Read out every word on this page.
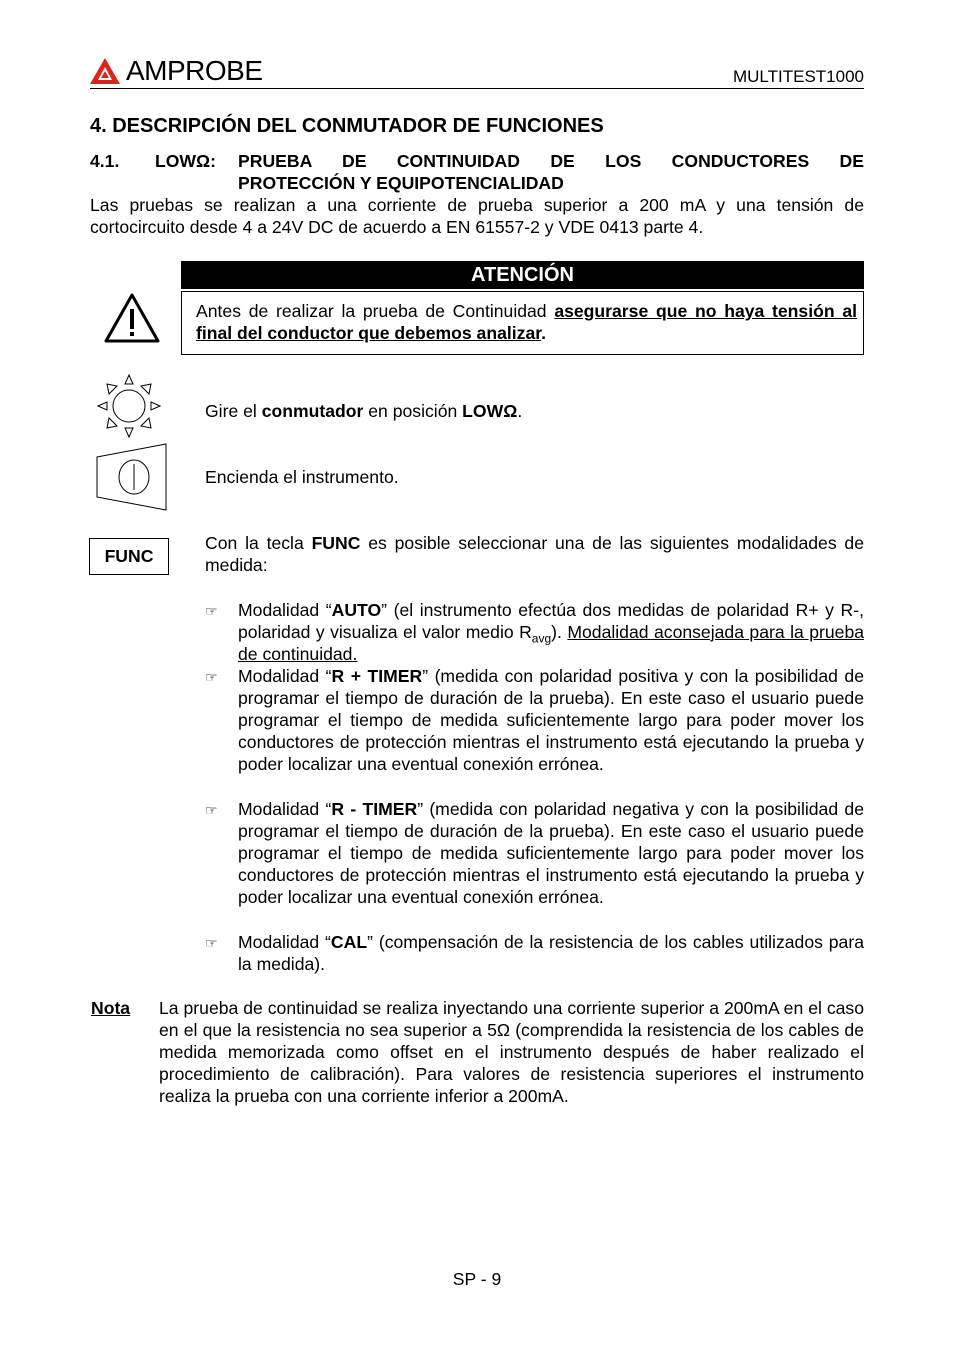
AMPROBE	MULTITEST1000
4. DESCRIPCIÓN DEL CONMUTADOR DE FUNCIONES
4.1. LOWΩ: PRUEBA DE CONTINUIDAD DE LOS CONDUCTORES DE
PROTECCIÓN Y EQUIPOTENCIALIDAD
Las pruebas se realizan a una corriente de prueba superior a 200 mA y una tensión de cortocircuito desde 4 a 24V DC de acuerdo a EN 61557-2 y VDE 0413 parte 4.
ATENCIÓN
Antes de realizar la prueba de Continuidad asegurarse que no haya tensión al final del conductor que debemos analizar.
Gire el conmutador en posición LOWΩ.
Encienda el instrumento.
FUNC
Con la tecla FUNC es posible seleccionar una de las siguientes modalidades de medida:
☞ Modalidad “AUTO” (el instrumento efectúa dos medidas de polaridad R+ y R-, polaridad y visualiza el valor medio $R_{avg}$). Modalidad aconsejada para la prueba de continuidad.
☞ Modalidad “R + TIMER” (medida con polaridad positiva y con la posibilidad de programar el tiempo de duración de la prueba). En este caso el usuario puede programar el tiempo de medida suficientemente largo para poder mover los conductores de protección mientras el instrumento está ejecutando la prueba y poder localizar una eventual conexión errónea.
☞ Modalidad “R - TIMER” (medida con polaridad negativa y con la posibilidad de programar el tiempo de duración de la prueba). En este caso el usuario puede programar el tiempo de medida suficientemente largo para poder mover los conductores de protección mientras el instrumento está ejecutando la prueba y poder localizar una eventual conexión errónea.
☞ Modalidad “CAL” (compensación de la resistencia de los cables utilizados para la medida).
Nota La prueba de continuidad se realiza inyectando una corriente superior a 200mA en el caso en el que la resistencia no sea superior a 5Ω (comprendida la resistencia de los cables de medida memorizada como offset en el instrumento después de haber realizado el procedimiento de calibración). Para valores de resistencia superiores el instrumento realiza la prueba con una corriente inferior a 200mA.
SP - 9
